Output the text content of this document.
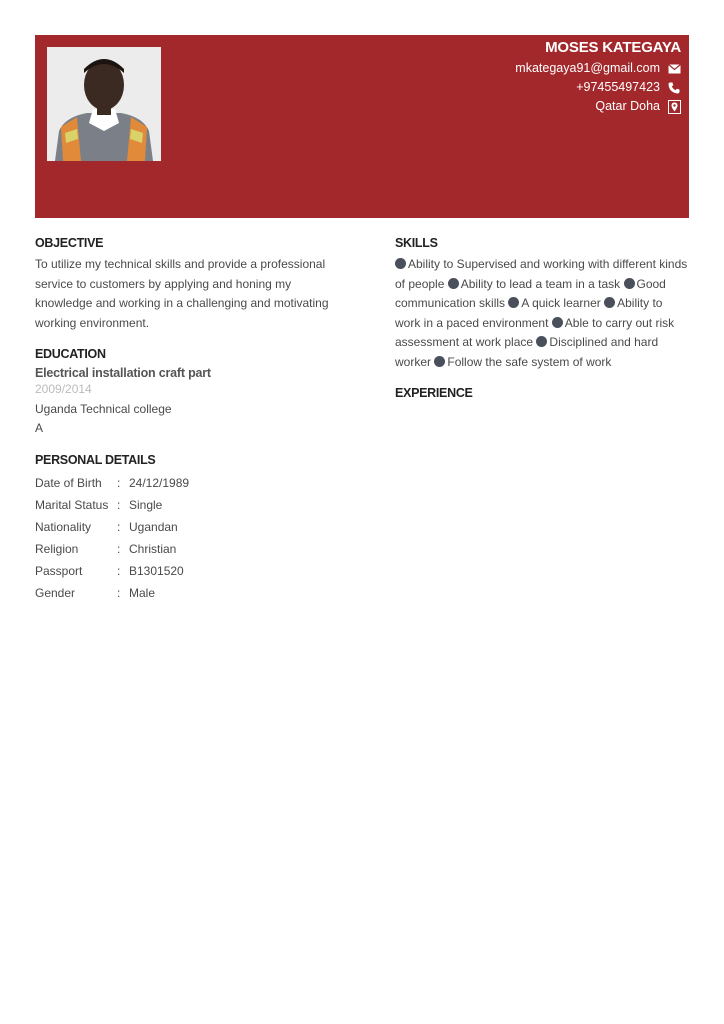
MOSES KATEGAYA
mkategaya91@gmail.com
+97455497423
Qatar Doha
OBJECTIVE

To utilize my technical skills and provide a professional service to customers by applying and honing my knowledge and working in a challenging and motivating working environment.

EDUCATION
Electrical installation craft part
2009/2014
Uganda Technical college
A
PERSONAL DETAILS
Date of Birth	:	24/12/1989
Marital Status	:	Single
Nationality	:	Ugandan
Religion	:	Christian
Passport	:	B1301520
Gender	:	Male
SKILLS
Ability to Supervised and working with different kinds of people Ability to lead a team in a task Good communication skills A quick learner Ability to work in a paced environment Able to carry out risk assessment at work place Disciplined and hard worker Follow the safe system of work
EXPERIENCE
